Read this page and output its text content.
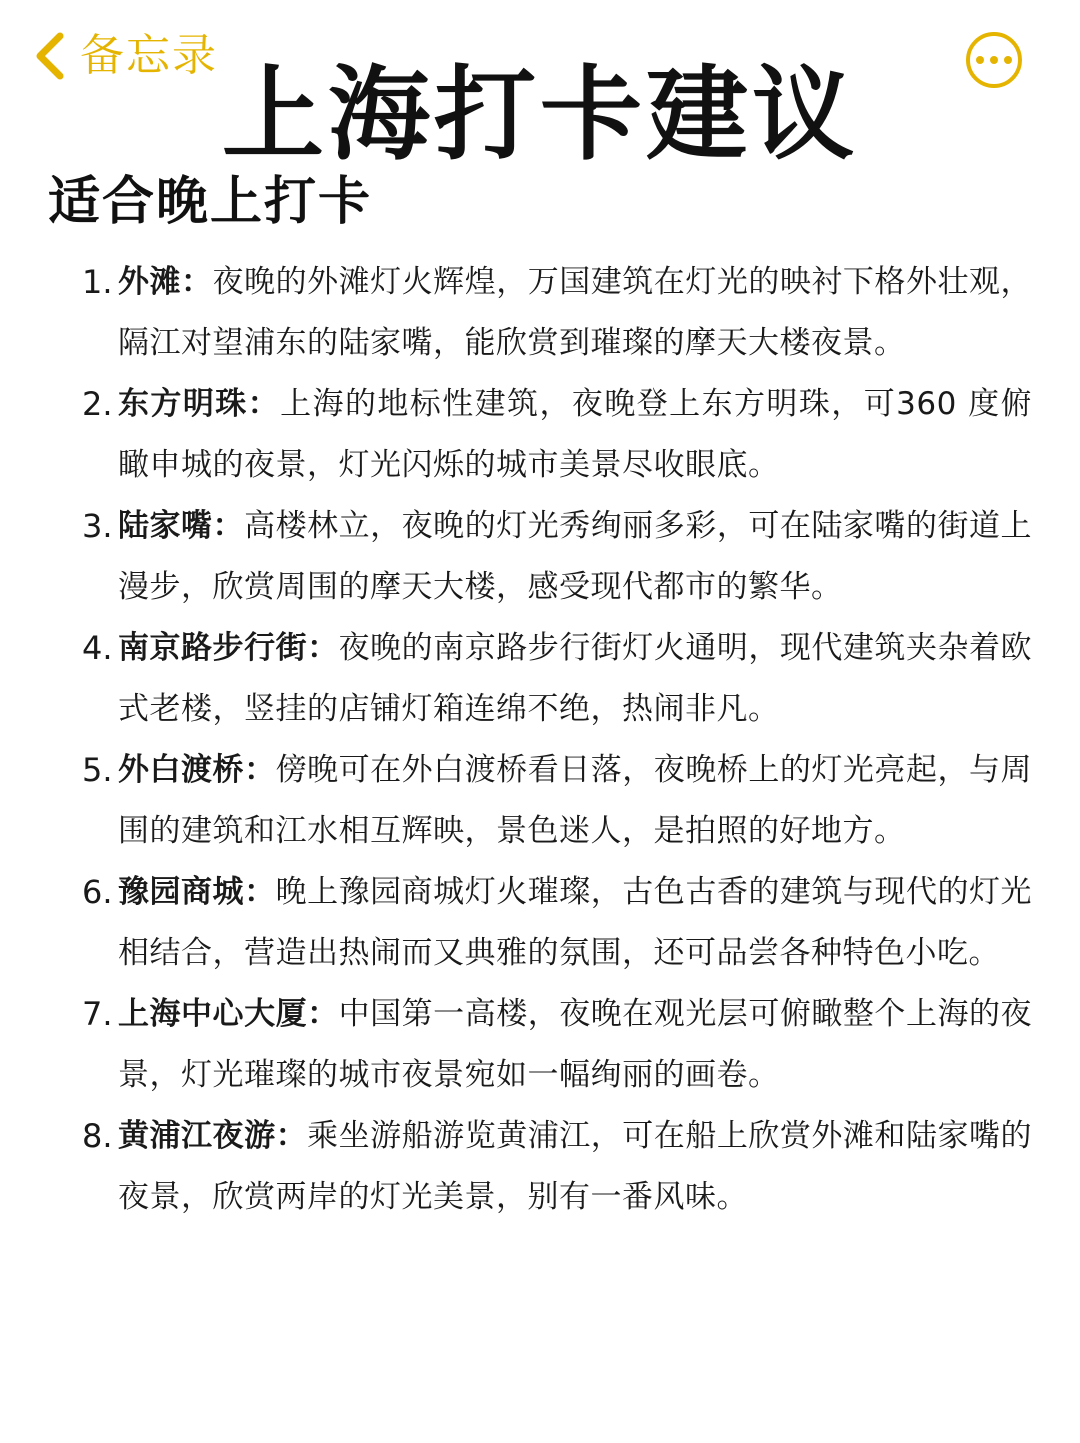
备忘录
上海打卡建议
适合晚上打卡
1. 外滩：夜晚的外滩灯火辉煌，万国建筑在灯光的映衬下格外壮观，隔江对望浦东的陆家嘴，能欣赏到璀璨的摩天大楼夜景。
2. 东方明珠：上海的地标性建筑，夜晚登上东方明珠，可360 度俯瞰申城的夜景，灯光闪烁的城市美景尽收眼底。
3. 陆家嘴：高楼林立，夜晚的灯光秀绚丽多彩，可在陆家嘴的街道上漫步，欣赏周围的摩天大楼，感受现代都市的繁华。
4. 南京路步行街：夜晚的南京路步行街灯火通明，现代建筑夹杂着欧式老楼，竖挂的店铺灯箱连绵不绝，热闹非凡。
5. 外白渡桥：傍晚可在外白渡桥看日落，夜晚桥上的灯光亮起，与周围的建筑和江水相互辉映，景色迷人，是拍照的好地方。
6. 豫园商城：晚上豫园商城灯火璀璨，古色古香的建筑与现代的灯光相结合，营造出热闹而又典雅的氛围，还可品尝各种特色小吃。
7. 上海中心大厦：中国第一高楼，夜晚在观光层可俯瞰整个上海的夜景，灯光璀璨的城市夜景宛如一幅绚丽的画卷。
8. 黄浦江夜游：乘坐游船游览黄浦江，可在船上欣赏外滩和陆家嘴的夜景，欣赏两岸的灯光美景，别有一番风味。
